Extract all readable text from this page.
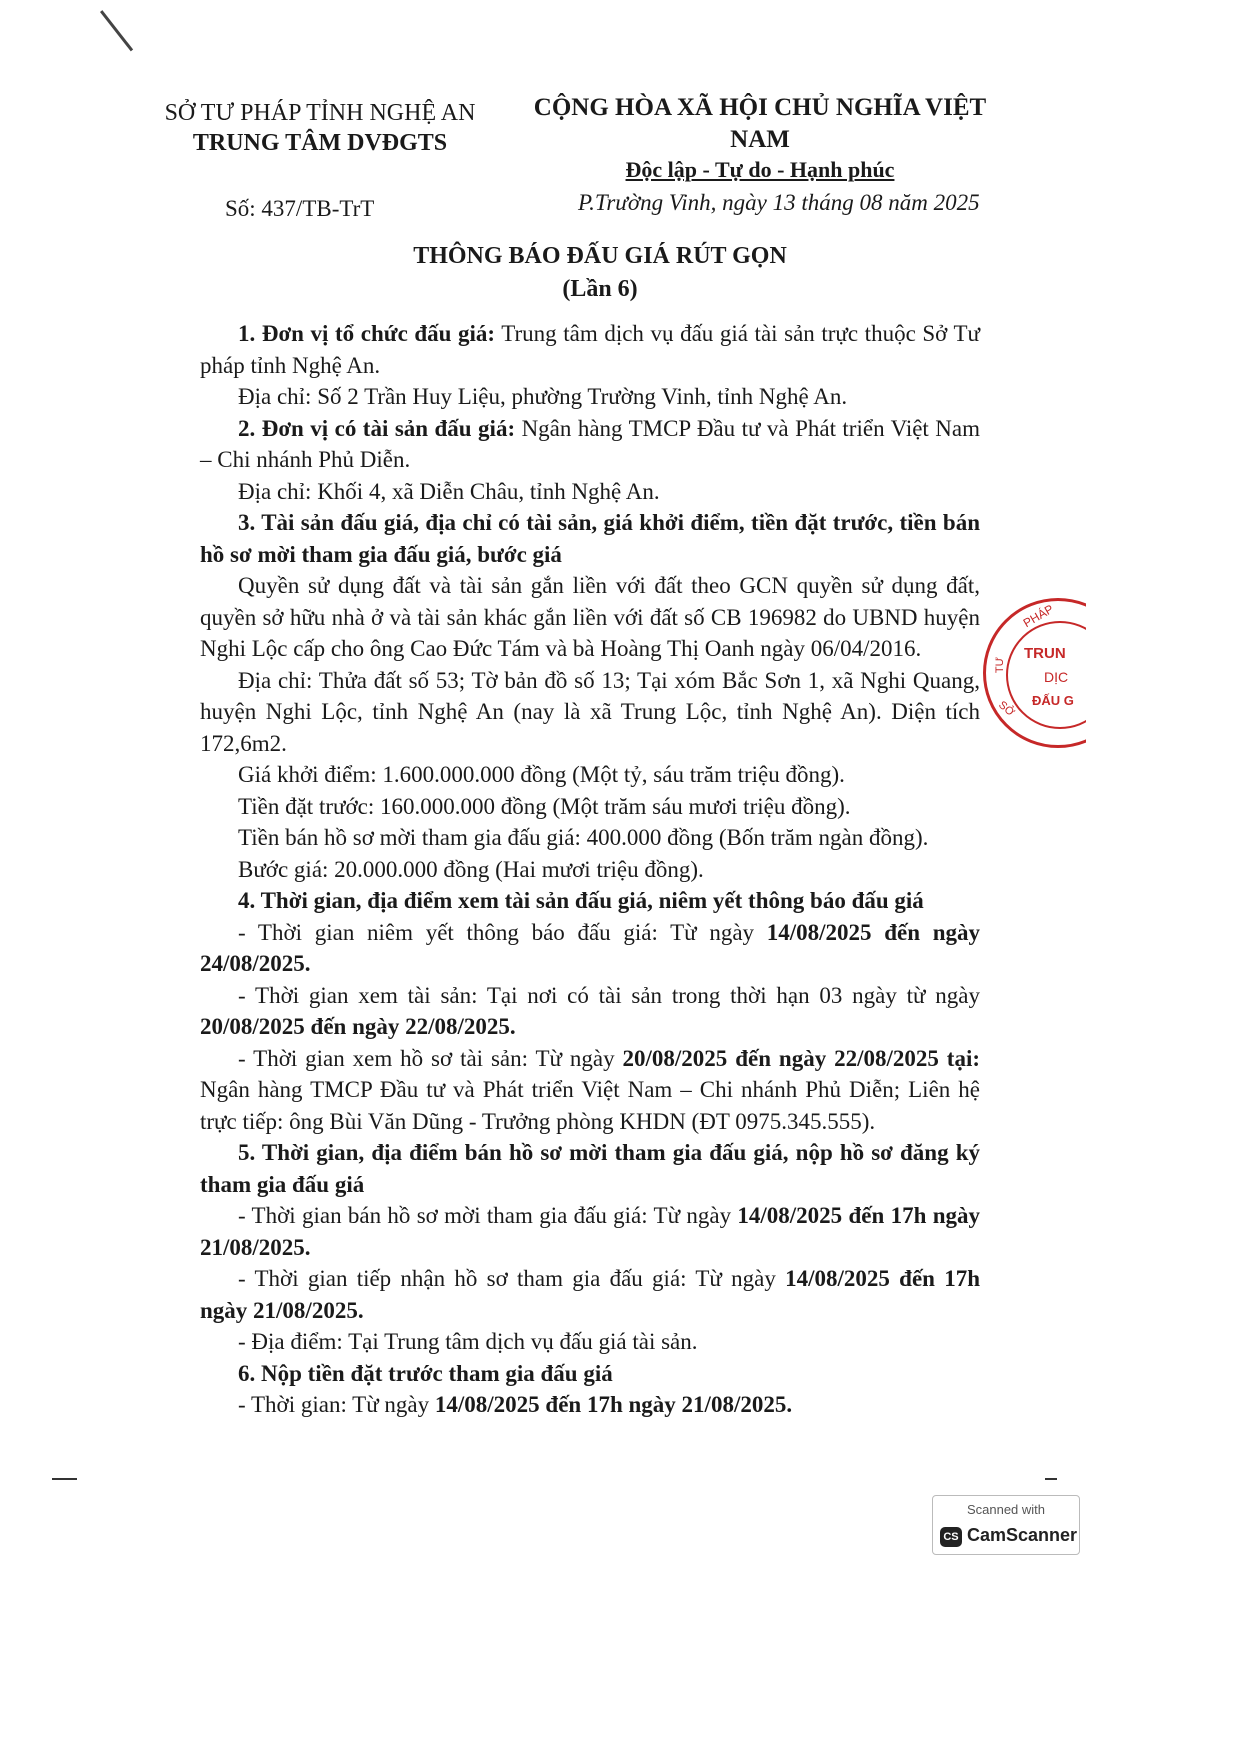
SỞ TƯ PHÁP TỈNH NGHỆ AN
TRUNG TÂM DVĐGTS
CỘNG HÒA XÃ HỘI CHỦ NGHĨA VIỆT NAM
Độc lập - Tự do - Hạnh phúc
Số: 437/TB-TrT	P.Trường Vinh, ngày 13 tháng 08 năm 2025
THÔNG BÁO ĐẤU GIÁ RÚT GỌN
(Lần 6)

1. Đơn vị tổ chức đấu giá: Trung tâm dịch vụ đấu giá tài sản trực thuộc Sở Tư pháp tỉnh Nghệ An.

Địa chỉ: Số 2 Trần Huy Liệu, phường Trường Vinh, tỉnh Nghệ An.

2. Đơn vị có tài sản đấu giá: Ngân hàng TMCP Đầu tư và Phát triển Việt Nam – Chi nhánh Phủ Diễn.

Địa chỉ: Khối 4, xã Diễn Châu, tỉnh Nghệ An.

3. Tài sản đấu giá, địa chỉ có tài sản, giá khởi điểm, tiền đặt trước, tiền bán hồ sơ mời tham gia đấu giá, bước giá

Quyền sử dụng đất và tài sản gắn liền với đất theo GCN quyền sử dụng đất, quyền sở hữu nhà ở và tài sản khác gắn liền với đất số CB 196982 do UBND huyện Nghi Lộc cấp cho ông Cao Đức Tám và bà Hoàng Thị Oanh ngày 06/04/2016.

Địa chỉ: Thửa đất số 53; Tờ bản đồ số 13; Tại xóm Bắc Sơn 1, xã Nghi Quang, huyện Nghi Lộc, tỉnh Nghệ An (nay là xã Trung Lộc, tỉnh Nghệ An). Diện tích 172,6m2.

Giá khởi điểm: 1.600.000.000 đồng (Một tỷ, sáu trăm triệu đồng).

Tiền đặt trước: 160.000.000 đồng (Một trăm sáu mươi triệu đồng).

Tiền bán hồ sơ mời tham gia đấu giá: 400.000 đồng (Bốn trăm ngàn đồng).

Bước giá: 20.000.000 đồng (Hai mươi triệu đồng).

4. Thời gian, địa điểm xem tài sản đấu giá, niêm yết thông báo đấu giá

- Thời gian niêm yết thông báo đấu giá: Từ ngày 14/08/2025 đến ngày 24/08/2025.

- Thời gian xem tài sản: Tại nơi có tài sản trong thời hạn 03 ngày từ ngày 20/08/2025 đến ngày 22/08/2025.

- Thời gian xem hồ sơ tài sản: Từ ngày 20/08/2025 đến ngày 22/08/2025 tại: Ngân hàng TMCP Đầu tư và Phát triển Việt Nam – Chi nhánh Phủ Diễn; Liên hệ trực tiếp: ông Bùi Văn Dũng - Trưởng phòng KHDN (ĐT 0975.345.555).

5. Thời gian, địa điểm bán hồ sơ mời tham gia đấu giá, nộp hồ sơ đăng ký tham gia đấu giá

- Thời gian bán hồ sơ mời tham gia đấu giá: Từ ngày 14/08/2025 đến 17h ngày 21/08/2025.

- Thời gian tiếp nhận hồ sơ tham gia đấu giá: Từ ngày 14/08/2025 đến 17h ngày 21/08/2025.

- Địa điểm: Tại Trung tâm dịch vụ đấu giá tài sản.

6. Nộp tiền đặt trước tham gia đấu giá

- Thời gian: Từ ngày 14/08/2025 đến 17h ngày 21/08/2025.

PHÁP
TƯ
TRUN
DỊC
ĐẤU G
SỞ
Scanned with
CS CamScanner
